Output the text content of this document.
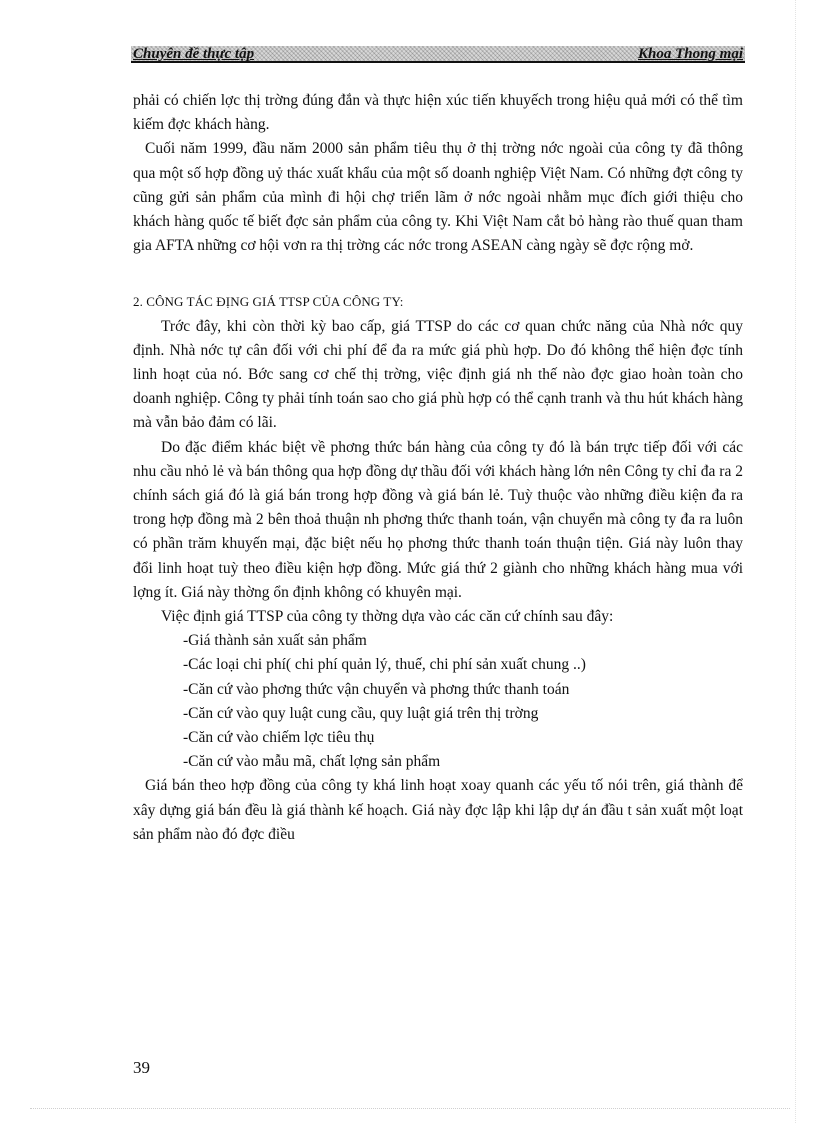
Chuyên đề thực tập	Khoa Thong mại

phải có chiến lợc thị trờng đúng đắn và thực hiện xúc tiến khuyếch trong hiệu quả mới có thể tìm kiếm đợc khách hàng.

Cuối năm 1999, đầu năm 2000 sản phẩm tiêu thụ ở thị trờng nớc ngoài của công ty đã thông qua một số hợp đồng uỷ thác xuất khẩu của một số doanh nghiệp Việt Nam. Có những đợt công ty cũng gửi sản phẩm của mình đi hội chợ triển lãm ở nớc ngoài nhằm mục đích giới thiệu cho khách hàng quốc tế biết đợc sản phẩm của công ty. Khi Việt Nam cắt bỏ hàng rào thuế quan tham gia AFTA những cơ hội vơn ra thị trờng các nớc trong ASEAN càng ngày sẽ đợc rộng mở.

2. CÔNG TÁC ĐỊNG GIÁ TTSP CỦA CÔNG TY:

Trớc đây, khi còn thời kỳ bao cấp, giá TTSP do các cơ quan chức năng của Nhà nớc quy định. Nhà nớc tự cân đối với chi phí để đa ra mức giá phù hợp. Do đó không thể hiện đợc tính linh hoạt của nó. Bớc sang cơ chế thị trờng, việc định giá nh thế nào đợc giao hoàn toàn cho doanh nghiệp. Công ty phải tính toán sao cho giá phù hợp có thể cạnh tranh và thu hút khách hàng mà vẫn bảo đảm có lãi.

Do đặc điểm khác biệt về phơng thức bán hàng của công ty đó là bán trực tiếp đối với các nhu cầu nhỏ lẻ và bán thông qua hợp đồng dự thầu đối với khách hàng lớn nên Công ty chỉ đa ra 2 chính sách giá đó là giá bán trong hợp đồng và giá bán lẻ. Tuỳ thuộc vào những điều kiện đa ra trong hợp đồng mà 2 bên thoả thuận nh phơng thức thanh toán, vận chuyển mà công ty đa ra luôn có phần trăm khuyến mại, đặc biệt nếu họ phơng thức thanh toán thuận tiện. Giá này luôn thay đổi linh hoạt tuỳ theo điều kiện hợp đồng. Mức giá thứ 2 giành cho những khách hàng mua với lợng ít. Giá này thờng ổn định không có khuyên mại.

Việc định giá TTSP của công ty thờng dựa vào các căn cứ chính sau đây:

-Giá thành sản xuất sản phẩm

-Các loại chi phí( chi phí quản lý, thuế, chi phí sản xuất chung ..)

-Căn cứ vào phơng thức vận chuyển và phơng thức thanh toán

-Căn cứ vào quy luật cung cầu, quy luật giá trên thị trờng

-Căn cứ vào chiếm lợc tiêu thụ

-Căn cứ vào mẫu mã, chất lợng sản phẩm

Giá bán theo hợp đồng của công ty khá linh hoạt xoay quanh các yếu tố nói trên, giá thành để xây dựng giá bán đều là giá thành kế hoạch. Giá này đợc lập khi lập dự án đầu t sản xuất một loạt sản phẩm nào đó đợc điều

39
